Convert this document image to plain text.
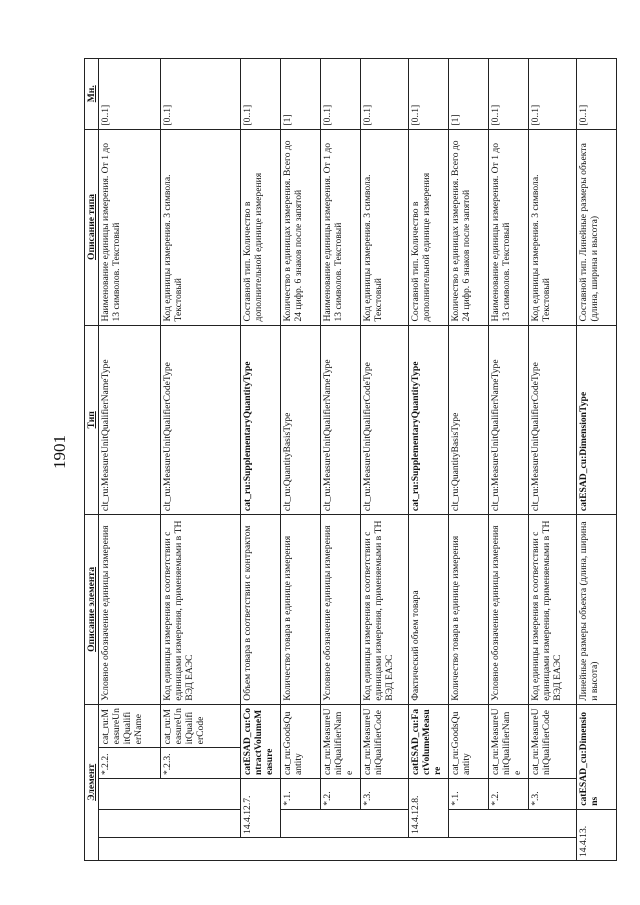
1901
Элемент					Описание элемента	Тип	Описание типа	Мн.
			*.2.2.	cat_ru:MeasureUnitQualifierName	Условное обозначение единицы измерения	clt_ru:MeasureUnitQualifierNameType	Наименование единицы измерения. От 1 до 13 символов. Текстовый	[0..1]
			*.2.3.	cat_ru:MeasureUnitQualifierCode	Код единицы измерения в соответствии с единицами измерения, применяемыми в ТН ВЭД ЕАЭС	clt_ru:MeasureUnitQualifierCodeType	Код единицы измерения. 3 символа. Текстовый	[0..1]
	14.4.12.7.		catESAD_cu:ContractVolumeMeasure		Объем товара в соответствии с контрактом	cat_ru:SupplementaryQuantityType	Составной тип. Количество в дополнительной единице измерения	[0..1]
		*.1.	cat_ru:GoodsQuantity		Количество товара в единице измерения	clt_ru:QuantityBasisType	Количество в единицах измерения. Всего до 24 цифр. 6 знаков после запятой	[1]
		*.2.	cat_ru:MeasureUnitQualifierName		Условное обозначение единицы измерения	clt_ru:MeasureUnitQualifierNameType	Наименование единицы измерения. От 1 до 13 символов. Текстовый	[0..1]
		*.3.	cat_ru:MeasureUnitQualifierCode		Код единицы измерения в соответствии с единицами измерения, применяемыми в ТН ВЭД ЕАЭС	clt_ru:MeasureUnitQualifierCodeType	Код единицы измерения. 3 символа. Текстовый	[0..1]
	14.4.12.8.		catESAD_cu:FactVolumeMeasure		Фактический объем товара	cat_ru:SupplementaryQuantityType	Составной тип. Количество в дополнительной единице измерения	[0..1]
		*.1.	cat_ru:GoodsQuantity		Количество товара в единице измерения	clt_ru:QuantityBasisType	Количество в единицах измерения. Всего до 24 цифр. 6 знаков после запятой	[1]
		*.2.	cat_ru:MeasureUnitQualifierName		Условное обозначение единицы измерения	clt_ru:MeasureUnitQualifierNameType	Наименование единицы измерения. От 1 до 13 символов. Текстовый	[0..1]
		*.3.	cat_ru:MeasureUnitQualifierCode		Код единицы измерения в соответствии с единицами измерения, применяемыми в ТН ВЭД ЕАЭС	clt_ru:MeasureUnitQualifierCodeType	Код единицы измерения. 3 символа. Текстовый	[0..1]
14.4.13.		catESAD_cu:Dimensions			Линейные размеры объекта (длина, ширина и высота)	catESAD_cu:DimensionType	Составной тип. Линейные размеры объекта (длина, ширина и высота)	[0..1]
